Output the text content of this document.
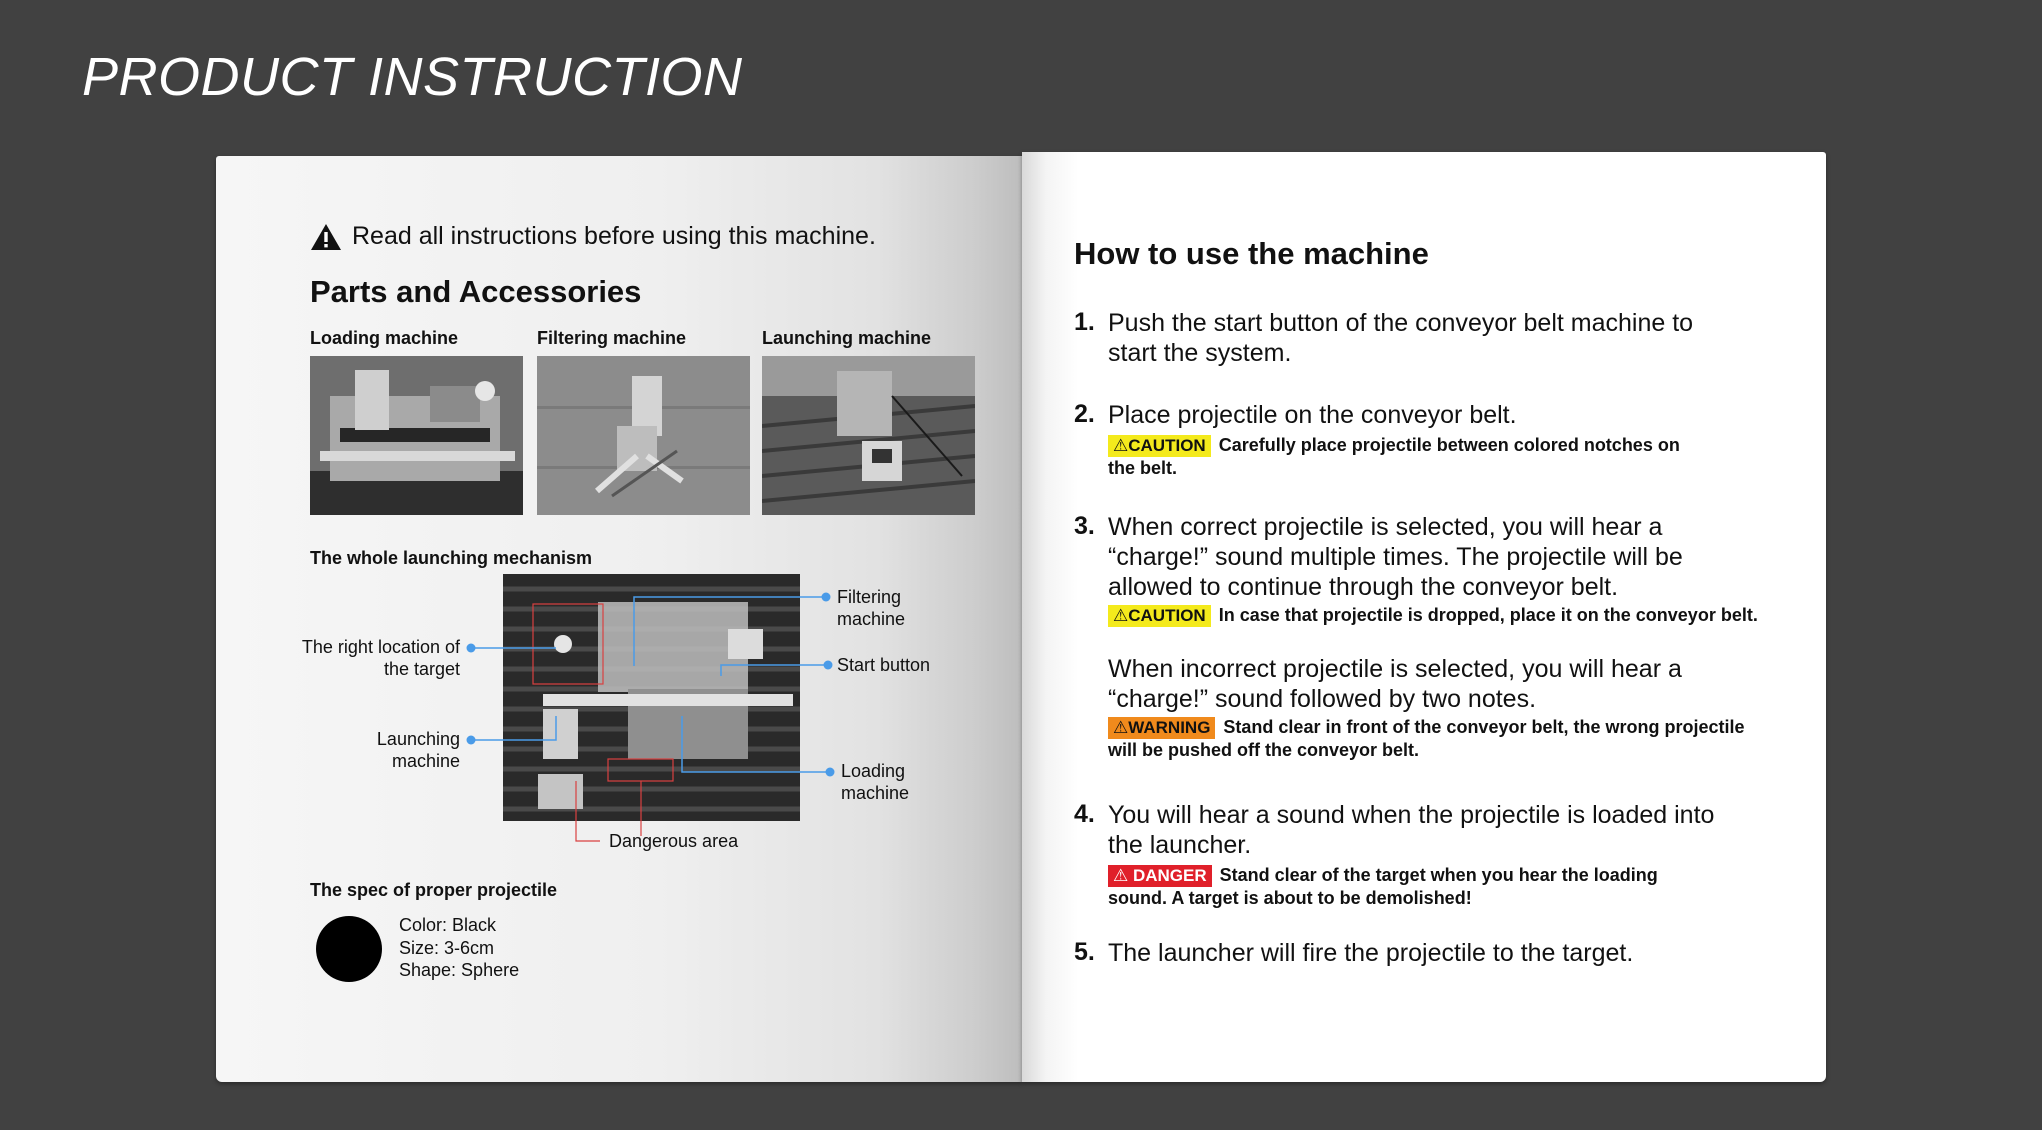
PRODUCT INSTRUCTION
Read all instructions before using this machine.
Parts and Accessories
Loading machine	Filtering machine	Launching machine
The whole launching mechanism
Filtering machine
Start button
The right location of the target
Launching machine	Loading machine
Dangerous area
The spec of proper projectile
Color: Black
Size: 3-6cm
Shape: Sphere
How to use the machine
1. Push the start button of the conveyor belt machine to start the system.
2. Place projectile on the conveyor belt.
⚠CAUTION Carefully place projectile between colored notches on the belt.
3. When correct projectile is selected, you will hear a “charge!” sound multiple times. The projectile will be allowed to continue through the conveyor belt.
⚠CAUTION In case that projectile is dropped, place it on the conveyor belt.
When incorrect projectile is selected, you will hear a “charge!” sound followed by two notes.
⚠WARNING Stand clear in front of the conveyor belt, the wrong projectile will be pushed off the conveyor belt.
4. You will hear a sound when the projectile is loaded into the launcher.
⚠ DANGER Stand clear of the target when you hear the loading sound. A target is about to be demolished!
5. The launcher will fire the projectile to the target.
